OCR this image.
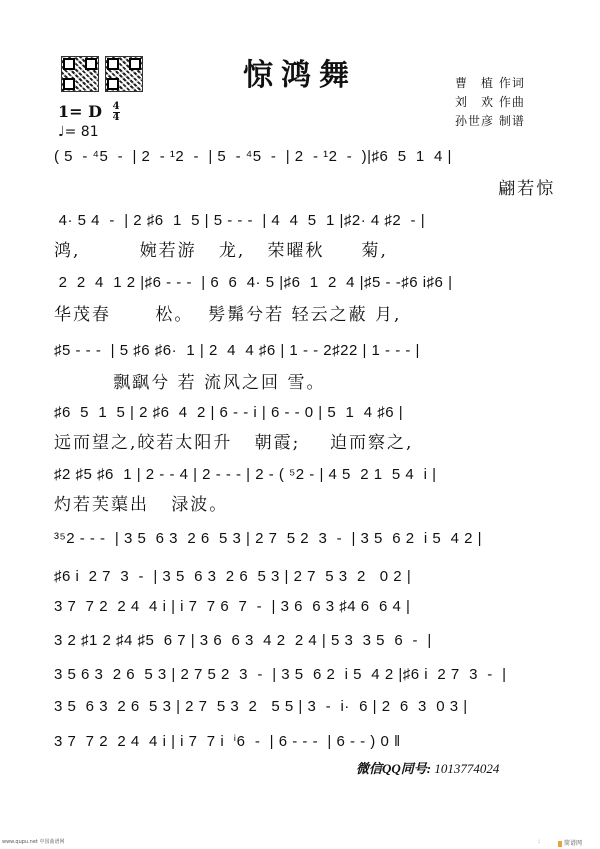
惊鸿舞	曹　植 作词
刘　欢 作曲
孙世彦 制谱
1= D $\frac{4}{4}$
♩= 81
( 5  - ⁴5  -  | 2  - ¹2  -  | 5  - ⁴5  -  | 2  - ¹2  -  )|♯6  5  1  4 |
翩若惊
4· 5 4  -  | 2 ♯6  1  5 | 5 - - -  | 4  4  5  1 |♯2· 4 ♯2  - |
鸿,        婉若游   龙,   荣曜秋     菊,
2  2  4  1 2 |♯6 - - -  | 6  6  4· 5 |♯6  1  2  4 |♯5 - -♯6 i♯6 |
华茂春      松。  髣髴兮若 轻云之蔽 月,
♯5 - - -  | 5 ♯6 ♯6·  1 | 2  4  4 ♯6 | 1 - - 2♯22 | 1 - - - |
飘飖兮 若 流风之回 雪。
♯6  5  1  5 | 2 ♯6  4  2 | 6 - - i | 6 - - 0 | 5  1  4 ♯6 |
远而望之,皎若太阳升   朝霞;    迫而察之,
♯2 ♯5 ♯6  1 | 2 - - 4 | 2 - - - | 2 - ( ⁵2 - | 4 5  2 1  5 4  i |
灼若芙蕖出   渌波。
³⁵2 - - -  | 3 5  6 3  2 6  5 3 | 2 7  5 2  3  -  | 3 5  6 2  i 5  4 2 |
♯6 i  2 7  3  -  | 3 5  6 3  2 6  5 3 | 2 7  5 3  2   0 2 |
3 7  7 2  2 4  4 i | i 7  7 6  7  -  | 3 6  6 3 ♯4 6  6 4 |
3 2 ♯1 2 ♯4 ♯5  6 7 | 3 6  6 3  4 2  2 4 | 5 3  3 5  6  -  |
3 5 6 3  2 6  5 3 | 2 7 5 2  3  -  | 3 5  6 2  i 5  4 2 |♯6 i  2 7  3  -  |
3 5  6 3  2 6  5 3 | 2 7  5 3  2   5 5 | 3  -  i·  6 | 2  6  3  0 3 |
3 7  7 2  2 4  4 i | i 7  7 i  ⁱ6  -  | 6 - - -  | 6 - - ) 0 ‖
微信QQ同号: 1013774024
www.qupu.net 中国曲谱网	:	简谱网
